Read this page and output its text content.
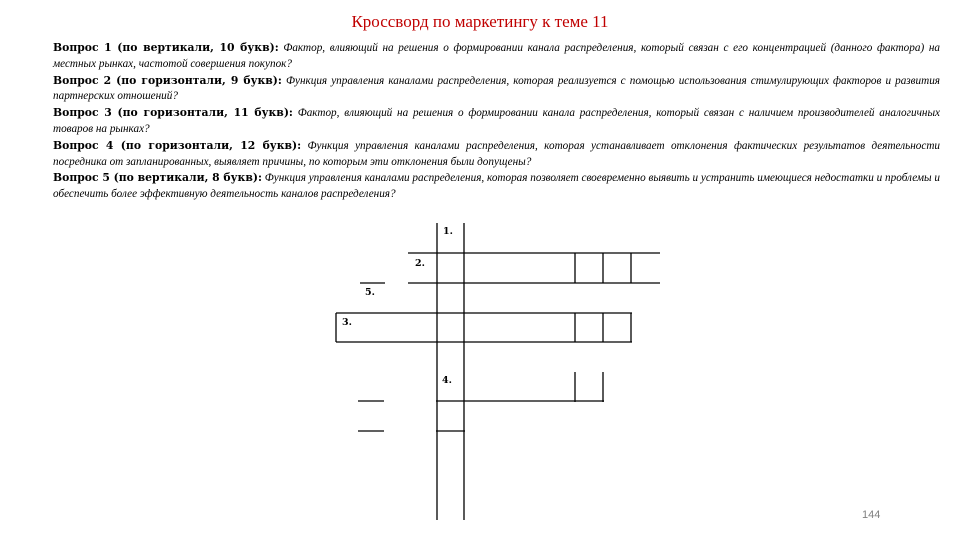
Кроссворд по маркетингу к теме 11

Вопрос 1 (по вертикали, 10 букв): Фактор, влияющий на решения о формировании канала распределения, который связан с его концентрацией (данного фактора) на местных рынках, частотой совершения покупок?

Вопрос 2 (по горизонтали, 9 букв): Функция управления каналами распределения, которая реализуется с помощью использования стимулирующих факторов и развития партнерских отношений?

Вопрос 3 (по горизонтали, 11 букв): Фактор, влияющий на решения о формировании канала распределения, который связан с наличием производителей аналогичных товаров на рынках?

Вопрос 4 (по горизонтали, 12 букв): Функция управления каналами распределения, которая устанавливает отклонения фактических результатов деятельности посредника от запланированных, выявляет причины, по которым эти отклонения были допущены?

Вопрос 5 (по вертикали, 8 букв): Функция управления каналами распределения, которая позволяет своевременно выявить и устранить имеющиеся недостатки и проблемы и обеспечить более эффективную деятельность каналов распределения?

1.
2.
5.
3.
4.
144
